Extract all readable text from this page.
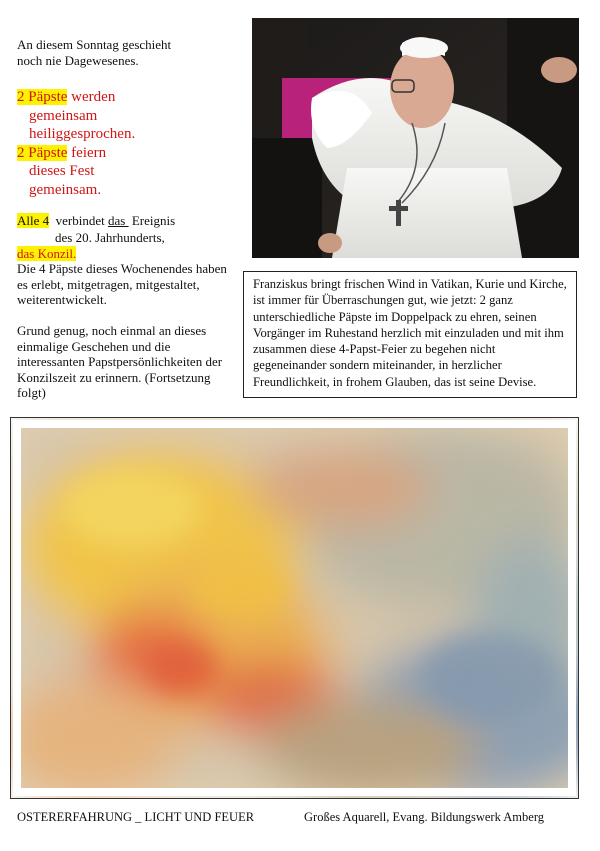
An diesem Sonntag geschieht
noch nie Dagewesenes.
2 Päpste werden
gemeinsam
heiliggesprochen.
2 Päpste feiern
dieses Fest
gemeinsam.
Alle 4  verbindet das  Ereignis
des 20. Jahrhunderts,
das Konzil.
Die 4 Päpste dieses Wochenendes haben es erlebt, mitgetragen, mitgestaltet, weiterentwickelt.
Grund genug, noch einmal an dieses einmalige Geschehen und die interessanten Papstpersönlichkeiten der Konzilszeit zu erinnern. (Fortsetzung folgt)
Franziskus bringt frischen Wind in Vatikan, Kurie und Kirche, ist immer für Überraschungen gut, wie jetzt: 2 ganz unterschiedliche Päpste im Doppelpack zu ehren, seinen Vorgänger im Ruhestand herzlich mit einzuladen und mit ihm zusammen diese 4-Papst-Feier zu begehen nicht gegeneinander sondern miteinander, in herzlicher Freundlichkeit, in frohem Glauben, das ist seine Devise.
OSTERERFAHRUNG _ LICHT UND FEUER	Großes Aquarell, Evang. Bildungswerk Amberg
